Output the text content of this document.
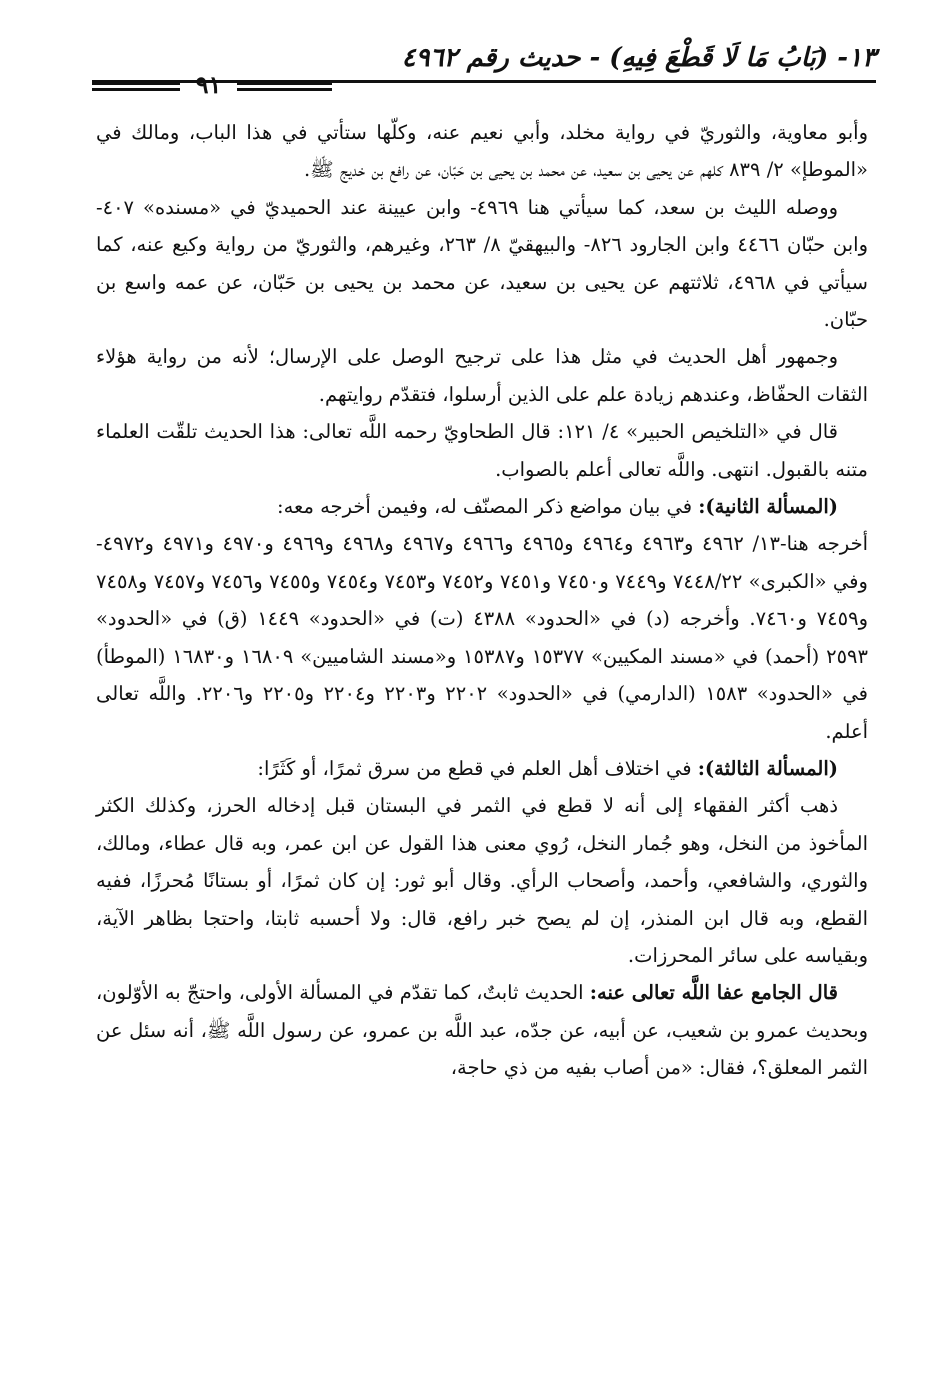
١٣- (بَابُ مَا لَا قَطْعَ فِيهِ) - حديث رقم ٤٩٦٢
٩١

وأبو معاوية، والثوريّ في رواية مخلد، وأبي نعيم عنه، وكلّها ستأتي في هذا الباب، ومالك في «الموطإ» ٢/ ٨٣٩ كلهم عن يحيى بن سعيد، عن محمد بن يحيى بن حَبّان، عن رافع بن خديج ﷺ.

ووصله الليث بن سعد، كما سيأتي هنا ٤٩٦٩- وابن عيينة عند الحميديّ في «مسنده» ٤٠٧- وابن حبّان ٤٤٦٦ وابن الجارود ٨٢٦- والبيهقيّ ٨/ ٢٦٣، وغيرهم، والثوريّ من رواية وكيع عنه، كما سيأتي في ٤٩٦٨، ثلاثتهم عن يحيى بن سعيد، عن محمد بن يحيى بن حَبّان، عن عمه واسع بن حبّان.

وجمهور أهل الحديث في مثل هذا على ترجيح الوصل على الإرسال؛ لأنه من رواية هؤلاء الثقات الحفّاظ، وعندهم زيادة علم على الذين أرسلوا، فتقدّم روايتهم.

قال في «التلخيص الحبير» ٤/ ١٢١: قال الطحاويّ رحمه اللَّه تعالى: هذا الحديث تلقّت العلماء متنه بالقبول. انتهى. واللَّه تعالى أعلم بالصواب.

(المسألة الثانية): في بيان مواضع ذكر المصنّف له، وفيمن أخرجه معه:

أخرجه هنا-١٣/ ٤٩٦٢ و٤٩٦٣ و٤٩٦٤ و٤٩٦٥ و٤٩٦٦ و٤٩٦٧ و٤٩٦٨ و٤٩٦٩ و٤٩٧٠ و٤٩٧١ و٤٩٧٢- وفي «الكبرى» ٧٤٤٨/٢٢ و٧٤٤٩ و٧٤٥٠ و٧٤٥١ و٧٤٥٢ و٧٤٥٣ و٧٤٥٤ و٧٤٥٥ و٧٤٥٦ و٧٤٥٧ و٧٤٥٨ و٧٤٥٩ و٧٤٦٠. وأخرجه (د) في «الحدود» ٤٣٨٨ (ت) في «الحدود» ١٤٤٩ (ق) في «الحدود» ٢٥٩٣ (أحمد) في «مسند المكيين» ١٥٣٧٧ و١٥٣٨٧ و«مسند الشاميين» ١٦٨٠٩ و١٦٨٣٠ (الموطأ) في «الحدود» ١٥٨٣ (الدارمي) في «الحدود» ٢٢٠٢ و٢٢٠٣ و٢٢٠٤ و٢٢٠٥ و٢٢٠٦. واللَّه تعالى أعلم.

(المسألة الثالثة): في اختلاف أهل العلم في قطع من سرق ثمرًا، أو كَثَرًا:

ذهب أكثر الفقهاء إلى أنه لا قطع في الثمر في البستان قبل إدخاله الحرز، وكذلك الكثر المأخوذ من النخل، وهو جُمار النخل، رُوي معنى هذا القول عن ابن عمر، وبه قال عطاء، ومالك، والثوري، والشافعي، وأحمد، وأصحاب الرأي. وقال أبو ثور: إن كان ثمرًا، أو بستانًا مُحرزًا، ففيه القطع، وبه قال ابن المنذر، إن لم يصح خبر رافع، قال: ولا أحسبه ثابتا، واحتجا بظاهر الآية، وبقياسه على سائر المحرزات.

قال الجامع عفا اللَّه تعالى عنه: الحديث ثابتٌ، كما تقدّم في المسألة الأولى، واحتجّ به الأوّلون، وبحديث عمرو بن شعيب، عن أبيه، عن جدّه، عبد اللَّه بن عمرو، عن رسول اللَّه ﷺ، أنه سئل عن الثمر المعلق؟، فقال: «من أصاب بفيه من ذي حاجة،
